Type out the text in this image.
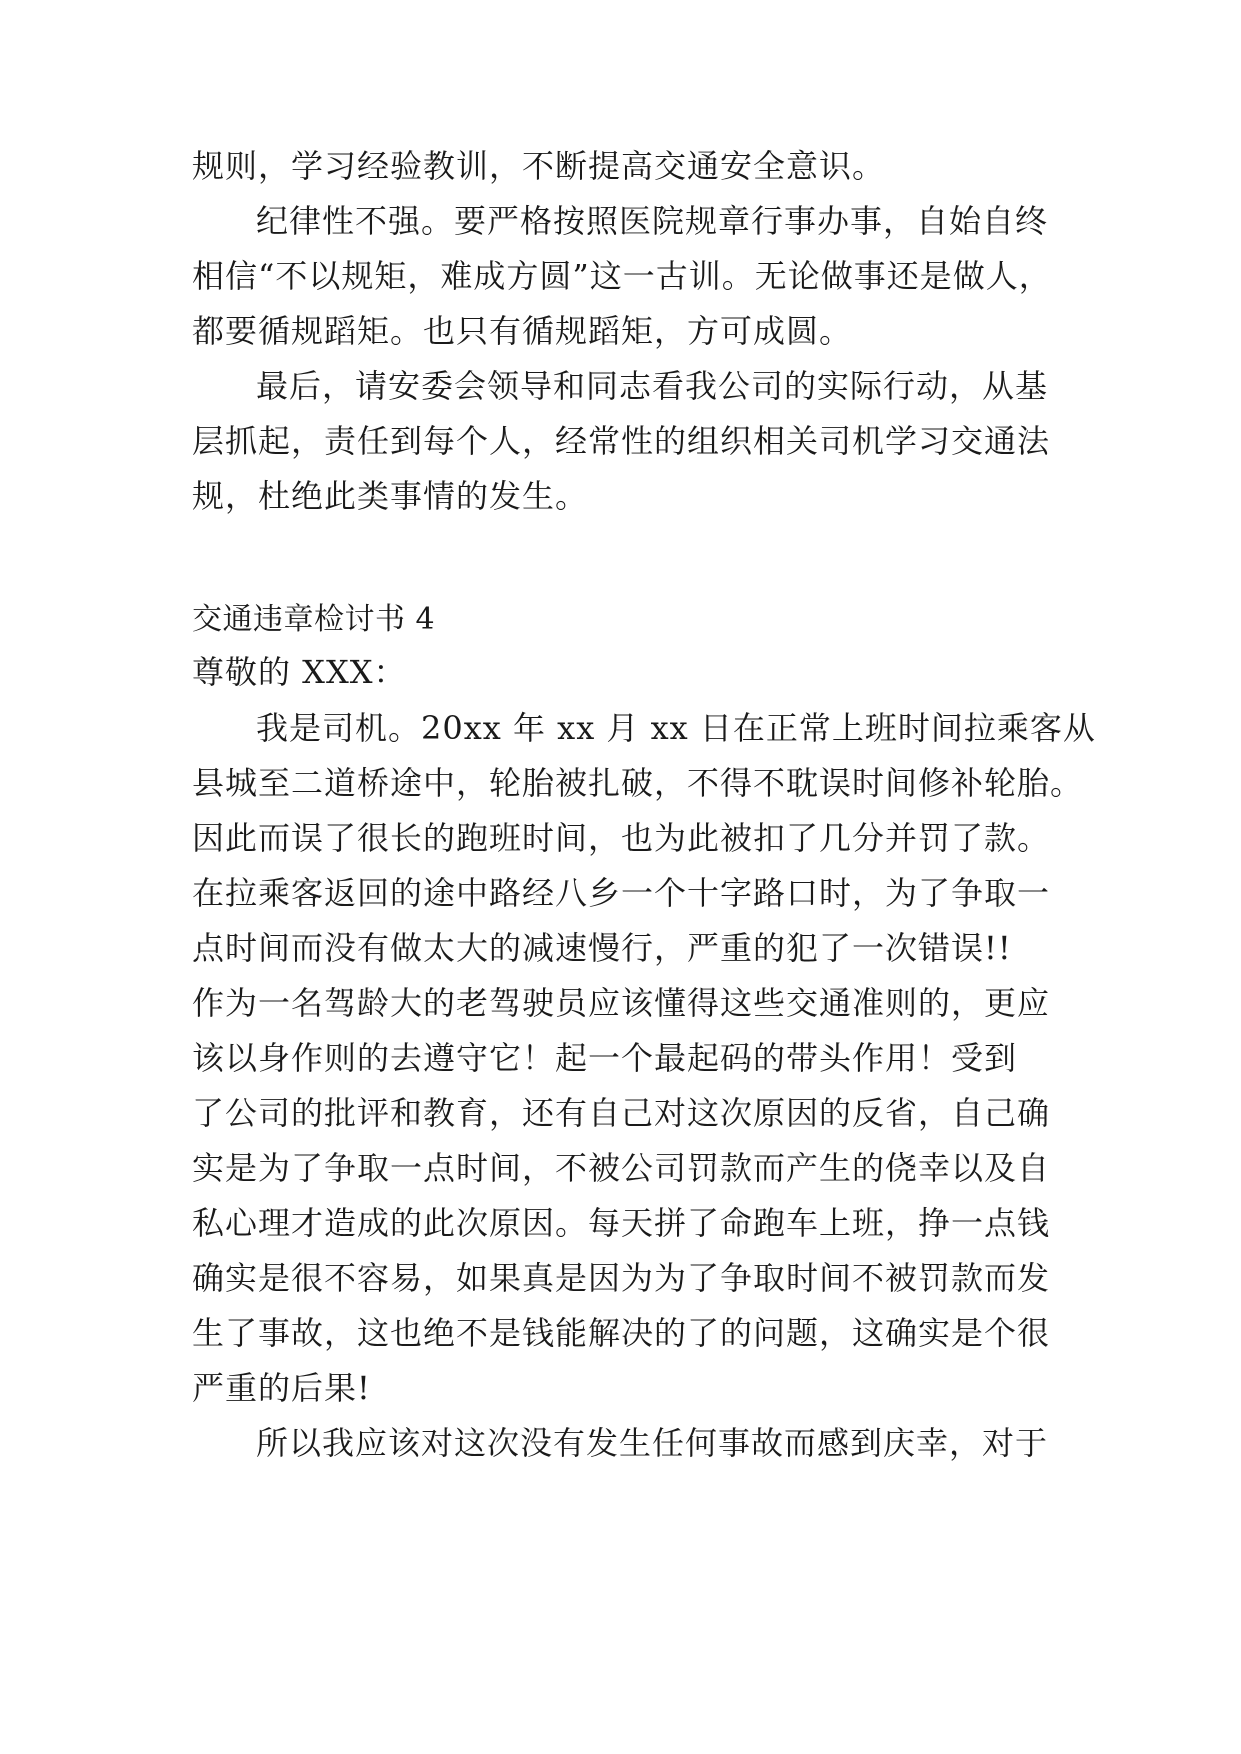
规则，学习经验教训，不断提高交通安全意识。
纪律性不强。要严格按照医院规章行事办事，自始自终
相信“不以规矩，难成方圆”这一古训。无论做事还是做人，
都要循规蹈矩。也只有循规蹈矩，方可成圆。
最后，请安委会领导和同志看我公司的实际行动，从基
层抓起，责任到每个人，经常性的组织相关司机学习交通法
规，杜绝此类事情的发生。
交通违章检讨书 4
尊敬的 XXX：
我是司机。20xx 年 xx 月 xx 日在正常上班时间拉乘客从
县城至二道桥途中，轮胎被扎破，不得不耽误时间修补轮胎。
因此而误了很长的跑班时间，也为此被扣了几分并罚了款。
在拉乘客返回的途中路经八乡一个十字路口时，为了争取一
点时间而没有做太大的减速慢行，严重的犯了一次错误!!
作为一名驾龄大的老驾驶员应该懂得这些交通准则的，更应
该以身作则的去遵守它！起一个最起码的带头作用！受到
了公司的批评和教育，还有自己对这次原因的反省，自己确
实是为了争取一点时间，不被公司罚款而产生的侥幸以及自
私心理才造成的此次原因。每天拼了命跑车上班，挣一点钱
确实是很不容易，如果真是因为为了争取时间不被罚款而发
生了事故，这也绝不是钱能解决的了的问题，这确实是个很
严重的后果!
所以我应该对这次没有发生任何事故而感到庆幸，对于
